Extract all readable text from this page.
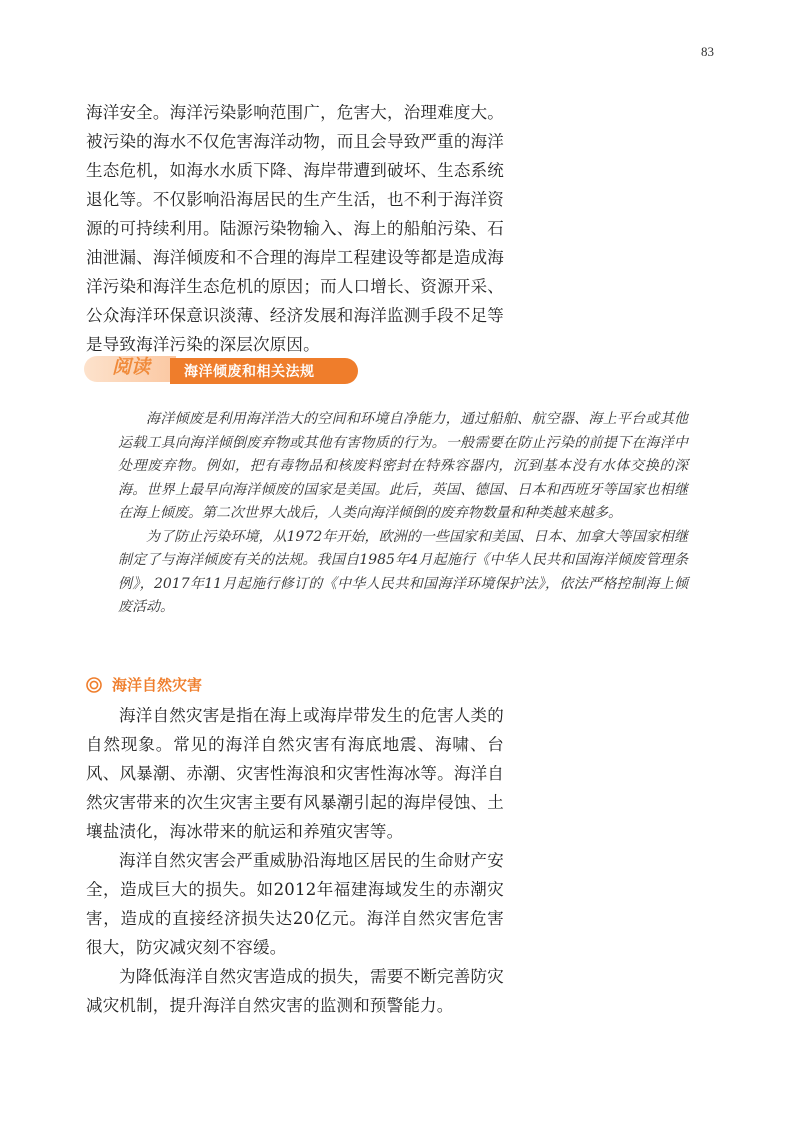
83

海洋安全。海洋污染影响范围广，危害大，治理难度大。被污染的海水不仅危害海洋动物，而且会导致严重的海洋生态危机，如海水水质下降、海岸带遭到破坏、生态系统退化等。不仅影响沿海居民的生产生活，也不利于海洋资源的可持续利用。陆源污染物输入、海上的船舶污染、石油泄漏、海洋倾废和不合理的海岸工程建设等都是造成海洋污染和海洋生态危机的原因；而人口增长、资源开采、公众海洋环保意识淡薄、经济发展和海洋监测手段不足等是导致海洋污染的深层次原因。

阅读 海洋倾废和相关法规

海洋倾废是利用海洋浩大的空间和环境自净能力，通过船舶、航空器、海上平台或其他运载工具向海洋倾倒废弃物或其他有害物质的行为。一般需要在防止污染的前提下在海洋中处理废弃物。例如，把有毒物品和核废料密封在特殊容器内，沉到基本没有水体交换的深海。世界上最早向海洋倾废的国家是美国。此后，英国、德国、日本和西班牙等国家也相继在海上倾废。第二次世界大战后，人类向海洋倾倒的废弃物数量和种类越来越多。

为了防止污染环境，从1972年开始，欧洲的一些国家和美国、日本、加拿大等国家相继制定了与海洋倾废有关的法规。我国自1985年4月起施行《中华人民共和国海洋倾废管理条例》，2017年11月起施行修订的《中华人民共和国海洋环境保护法》，依法严格控制海上倾废活动。

海洋自然灾害

海洋自然灾害是指在海上或海岸带发生的危害人类的自然现象。常见的海洋自然灾害有海底地震、海啸、台风、风暴潮、赤潮、灾害性海浪和灾害性海冰等。海洋自然灾害带来的次生灾害主要有风暴潮引起的海岸侵蚀、土壤盐渍化，海冰带来的航运和养殖灾害等。

海洋自然灾害会严重威胁沿海地区居民的生命财产安全，造成巨大的损失。如2012年福建海域发生的赤潮灾害，造成的直接经济损失达20亿元。海洋自然灾害危害很大，防灾减灾刻不容缓。

为降低海洋自然灾害造成的损失，需要不断完善防灾减灾机制，提升海洋自然灾害的监测和预警能力。
